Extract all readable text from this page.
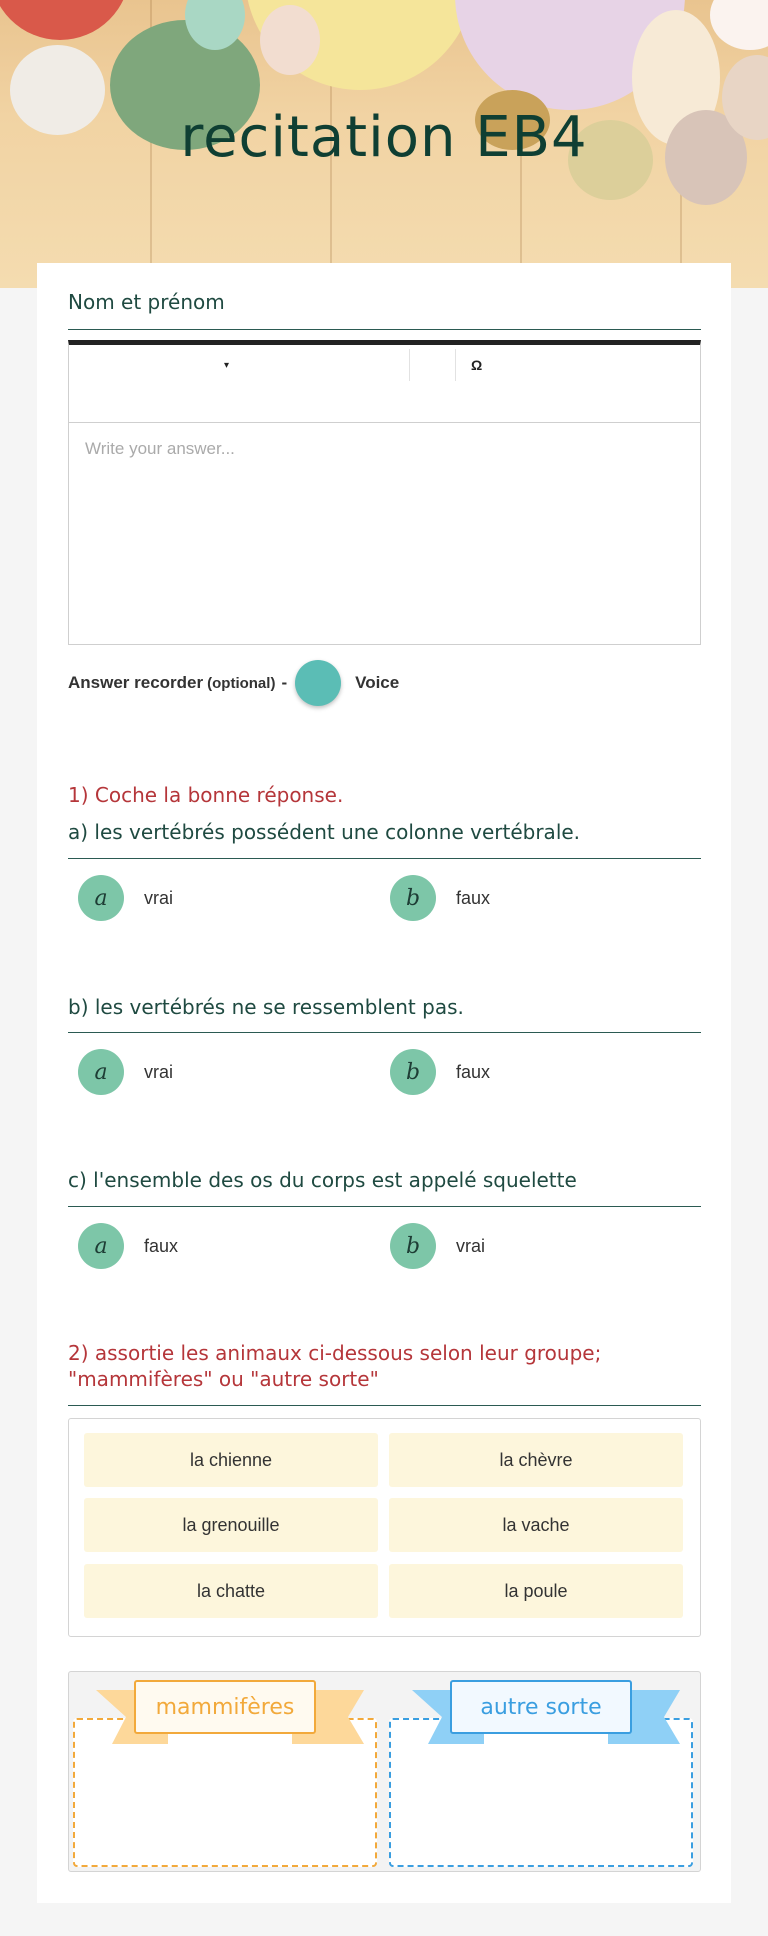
recitation EB4
Nom et prénom
▾	Ω
Write your answer...
Answer recorder (optional) -	Voice
1) Coche la bonne réponse.
a) les vertébrés possédent une colonne vertébrale.
a	vrai	b	faux
b) les vertébrés ne se ressemblent pas.
a	vrai	b	faux
c) l'ensemble des os du corps est appelé squelette
a	faux	b	vrai
2) assortie les animaux ci-dessous selon leur groupe;
"mammifères" ou "autre sorte"
la chienne	la chèvre
la grenouille	la vache
la chatte	la poule
mammifères	autre sorte
